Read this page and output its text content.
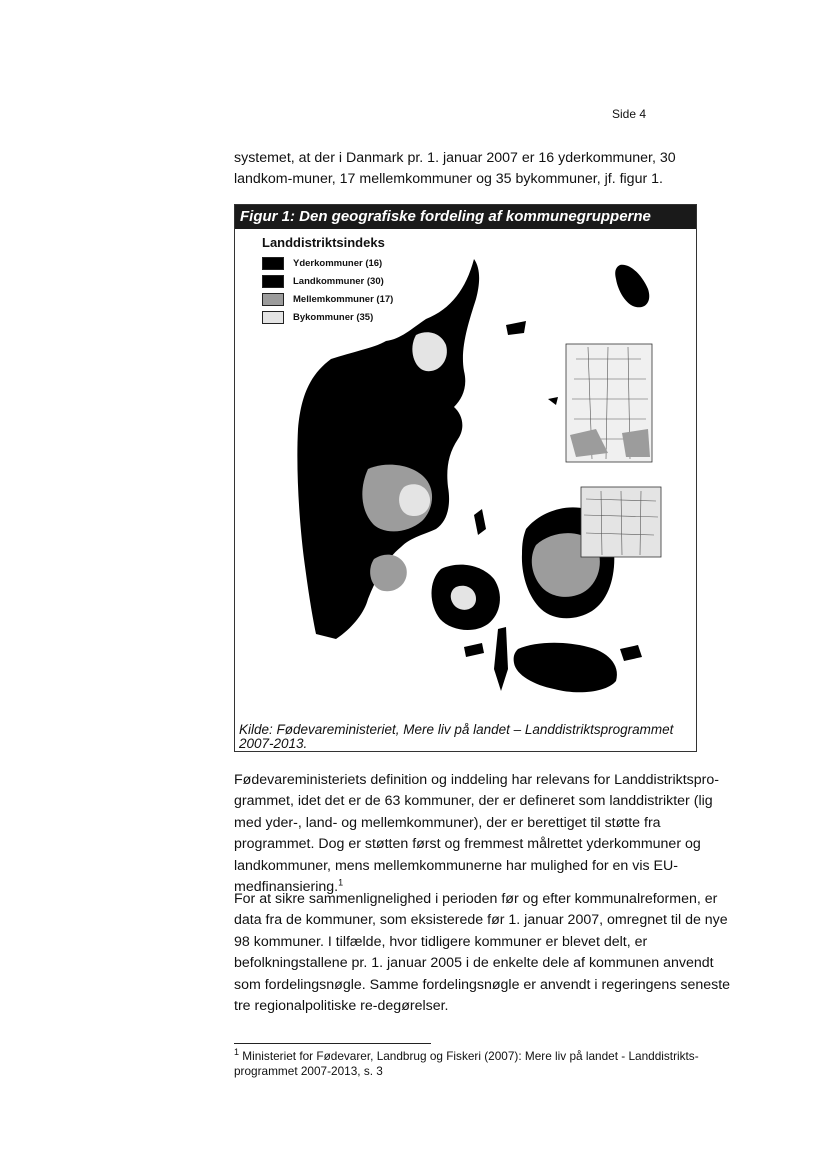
Side 4

systemet, at der i Danmark pr. 1. januar 2007 er 16 yderkommuner, 30 landkom-muner, 17 mellemkommuner og 35 bykommuner, jf. figur 1.

Figur 1: Den geografiske fordeling af kommunegrupperne
Landdistriktsindeks
Yderkommuner (16)
Landkommuner (30)
Mellemkommuner (17)
Bykommuner (35)
Kilde: Fødevareministeriet, Mere liv på landet – Landdistriktsprogrammet 2007-2013.

Fødevareministeriets definition og inddeling har relevans for Landdistriktspro-grammet, idet det er de 63 kommuner, der er defineret som landdistrikter (lig med yder-, land- og mellemkommuner), der er berettiget til støtte fra programmet. Dog er støtten først og fremmest målrettet yderkommuner og landkommuner, mens mellemkommunerne har mulighed for en vis EU-medfinansiering.$^1$

For at sikre sammenlignelighed i perioden før og efter kommunalreformen, er data fra de kommuner, som eksisterede før 1. januar 2007, omregnet til de nye 98 kommuner. I tilfælde, hvor tidligere kommuner er blevet delt, er befolkningstallene pr. 1. januar 2005 i de enkelte dele af kommunen anvendt som fordelingsnøgle. Samme fordelingsnøgle er anvendt i regeringens seneste tre regionalpolitiske re-degørelser.

$^1$ Ministeriet for Fødevarer, Landbrug og Fiskeri (2007): Mere liv på landet - Landdistrikts-programmet 2007-2013, s. 3
